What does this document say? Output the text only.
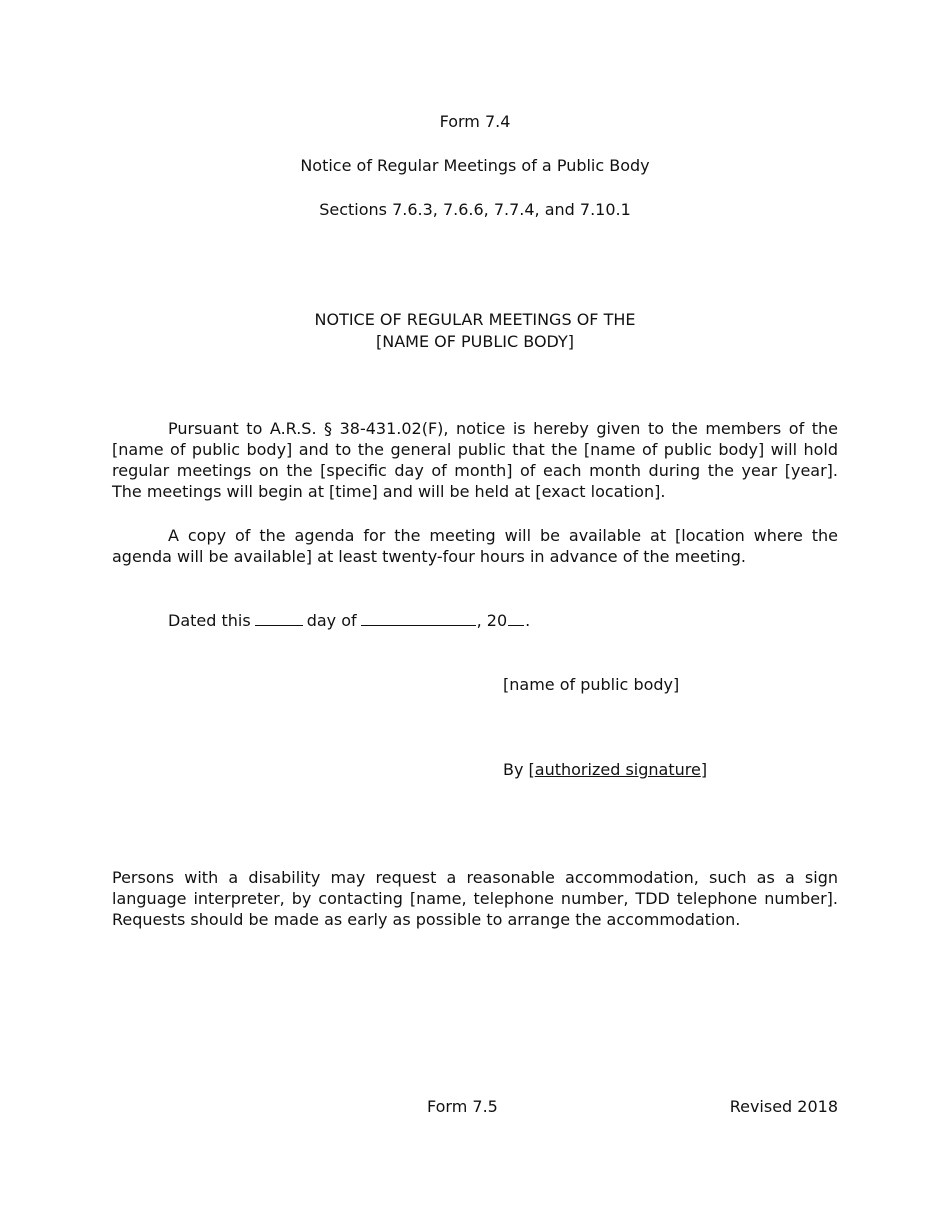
Form 7.4
Notice of Regular Meetings of a Public Body
Sections 7.6.3, 7.6.6, 7.7.4, and 7.10.1
NOTICE OF REGULAR MEETINGS OF THE
[NAME OF PUBLIC BODY]
Pursuant to A.R.S. § 38-431.02(F), notice is hereby given to the members of the [name of public body] and to the general public that the [name of public body] will hold regular meetings on the [specific day of month] of each month during the year [year]. The meetings will begin at [time] and will be held at [exact location].
A copy of the agenda for the meeting will be available at [location where the agenda will be available] at least twenty-four hours in advance of the meeting.
Dated this	day of	, 20 .
[name of public body]
By [authorized signature]
Persons with a disability may request a reasonable accommodation, such as a sign language interpreter, by contacting [name, telephone number, TDD telephone number]. Requests should be made as early as possible to arrange the accommodation.
Form 7.5	Revised 2018
